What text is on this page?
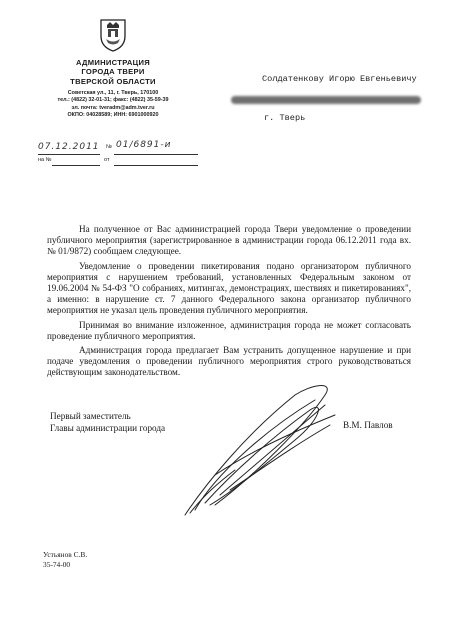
АДМИНИСТРАЦИЯ
ГОРОДА ТВЕРИ
ТВЕРСКОЙ ОБЛАСТИ
Советская ул., 11, г. Тверь, 170100
тел.: (4822) 32-01-31; факс: (4822) 35-59-39
эл. почта: tveradm@adm.tver.ru
ОКПО: 04028589; ИНН: 6901000920
07.12.2011 № 01/6891-и
на №	от
Солдатенкову Игорю Евгеньевичу
г. Тверь

На полученное от Вас администрацией города Твери уведомление о проведении публичного мероприятия (зарегистрированное в администрации города 06.12.2011 года вх. № 01/9872) сообщаем следующее.

Уведомление о проведении пикетирования подано организатором публичного мероприятия с нарушением требований, установленных Федеральным законом от 19.06.2004 № 54-ФЗ "О собраниях, митингах, демонстрациях, шествиях и пикетированиях", а именно: в нарушение ст. 7 данного Федерального закона организатор публичного мероприятия не указал цель проведения публичного мероприятия.

Принимая во внимание изложенное, администрация города не может согласовать проведение публичного мероприятия.

Администрация города предлагает Вам устранить допущенное нарушение и при подаче уведомления о проведении публичного мероприятия строго руководствоваться действующим законодательством.

Первый заместитель
Главы администрации города	В.М. Павлов
Устьянов С.В.
35-74-00
